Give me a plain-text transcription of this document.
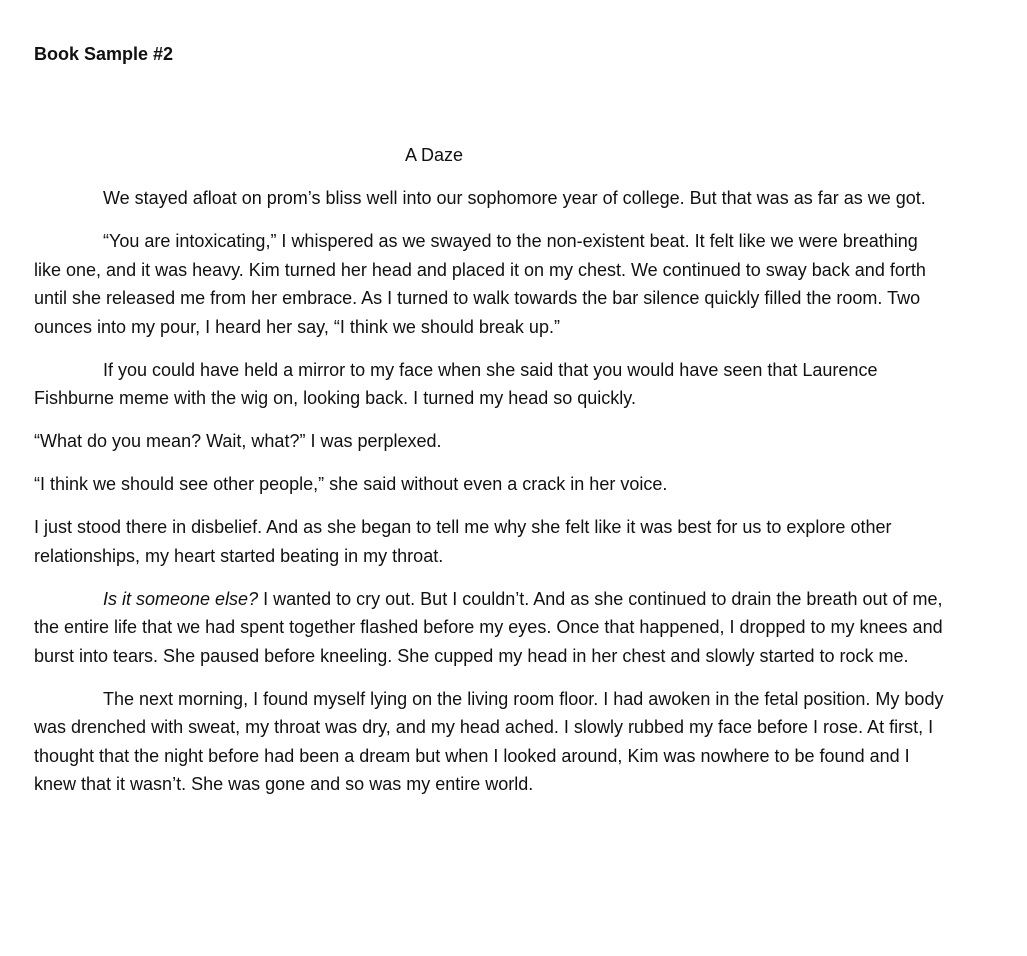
Book Sample #2

A Daze

We stayed afloat on prom’s bliss well into our sophomore year of college. But that was as far as we got.

“You are intoxicating,” I whispered as we swayed to the non-existent beat. It felt like we were breathing like one, and it was heavy. Kim turned her head and placed it on my chest. We continued to sway back and forth until she released me from her embrace. As I turned to walk towards the bar silence quickly filled the room. Two ounces into my pour, I heard her say, “I think we should break up.”

If you could have held a mirror to my face when she said that you would have seen that Laurence Fishburne meme with the wig on, looking back. I turned my head so quickly.

“What do you mean? Wait, what?” I was perplexed.

“I think we should see other people,” she said without even a crack in her voice.

I just stood there in disbelief. And as she began to tell me why she felt like it was best for us to explore other relationships, my heart started beating in my throat.

Is it someone else? I wanted to cry out. But I couldn’t. And as she continued to drain the breath out of me, the entire life that we had spent together flashed before my eyes. Once that happened, I dropped to my knees and burst into tears. She paused before kneeling. She cupped my head in her chest and slowly started to rock me.

The next morning, I found myself lying on the living room floor. I had awoken in the fetal position. My body was drenched with sweat, my throat was dry, and my head ached. I slowly rubbed my face before I rose. At first, I thought that the night before had been a dream but when I looked around, Kim was nowhere to be found and I knew that it wasn’t. She was gone and so was my entire world.
